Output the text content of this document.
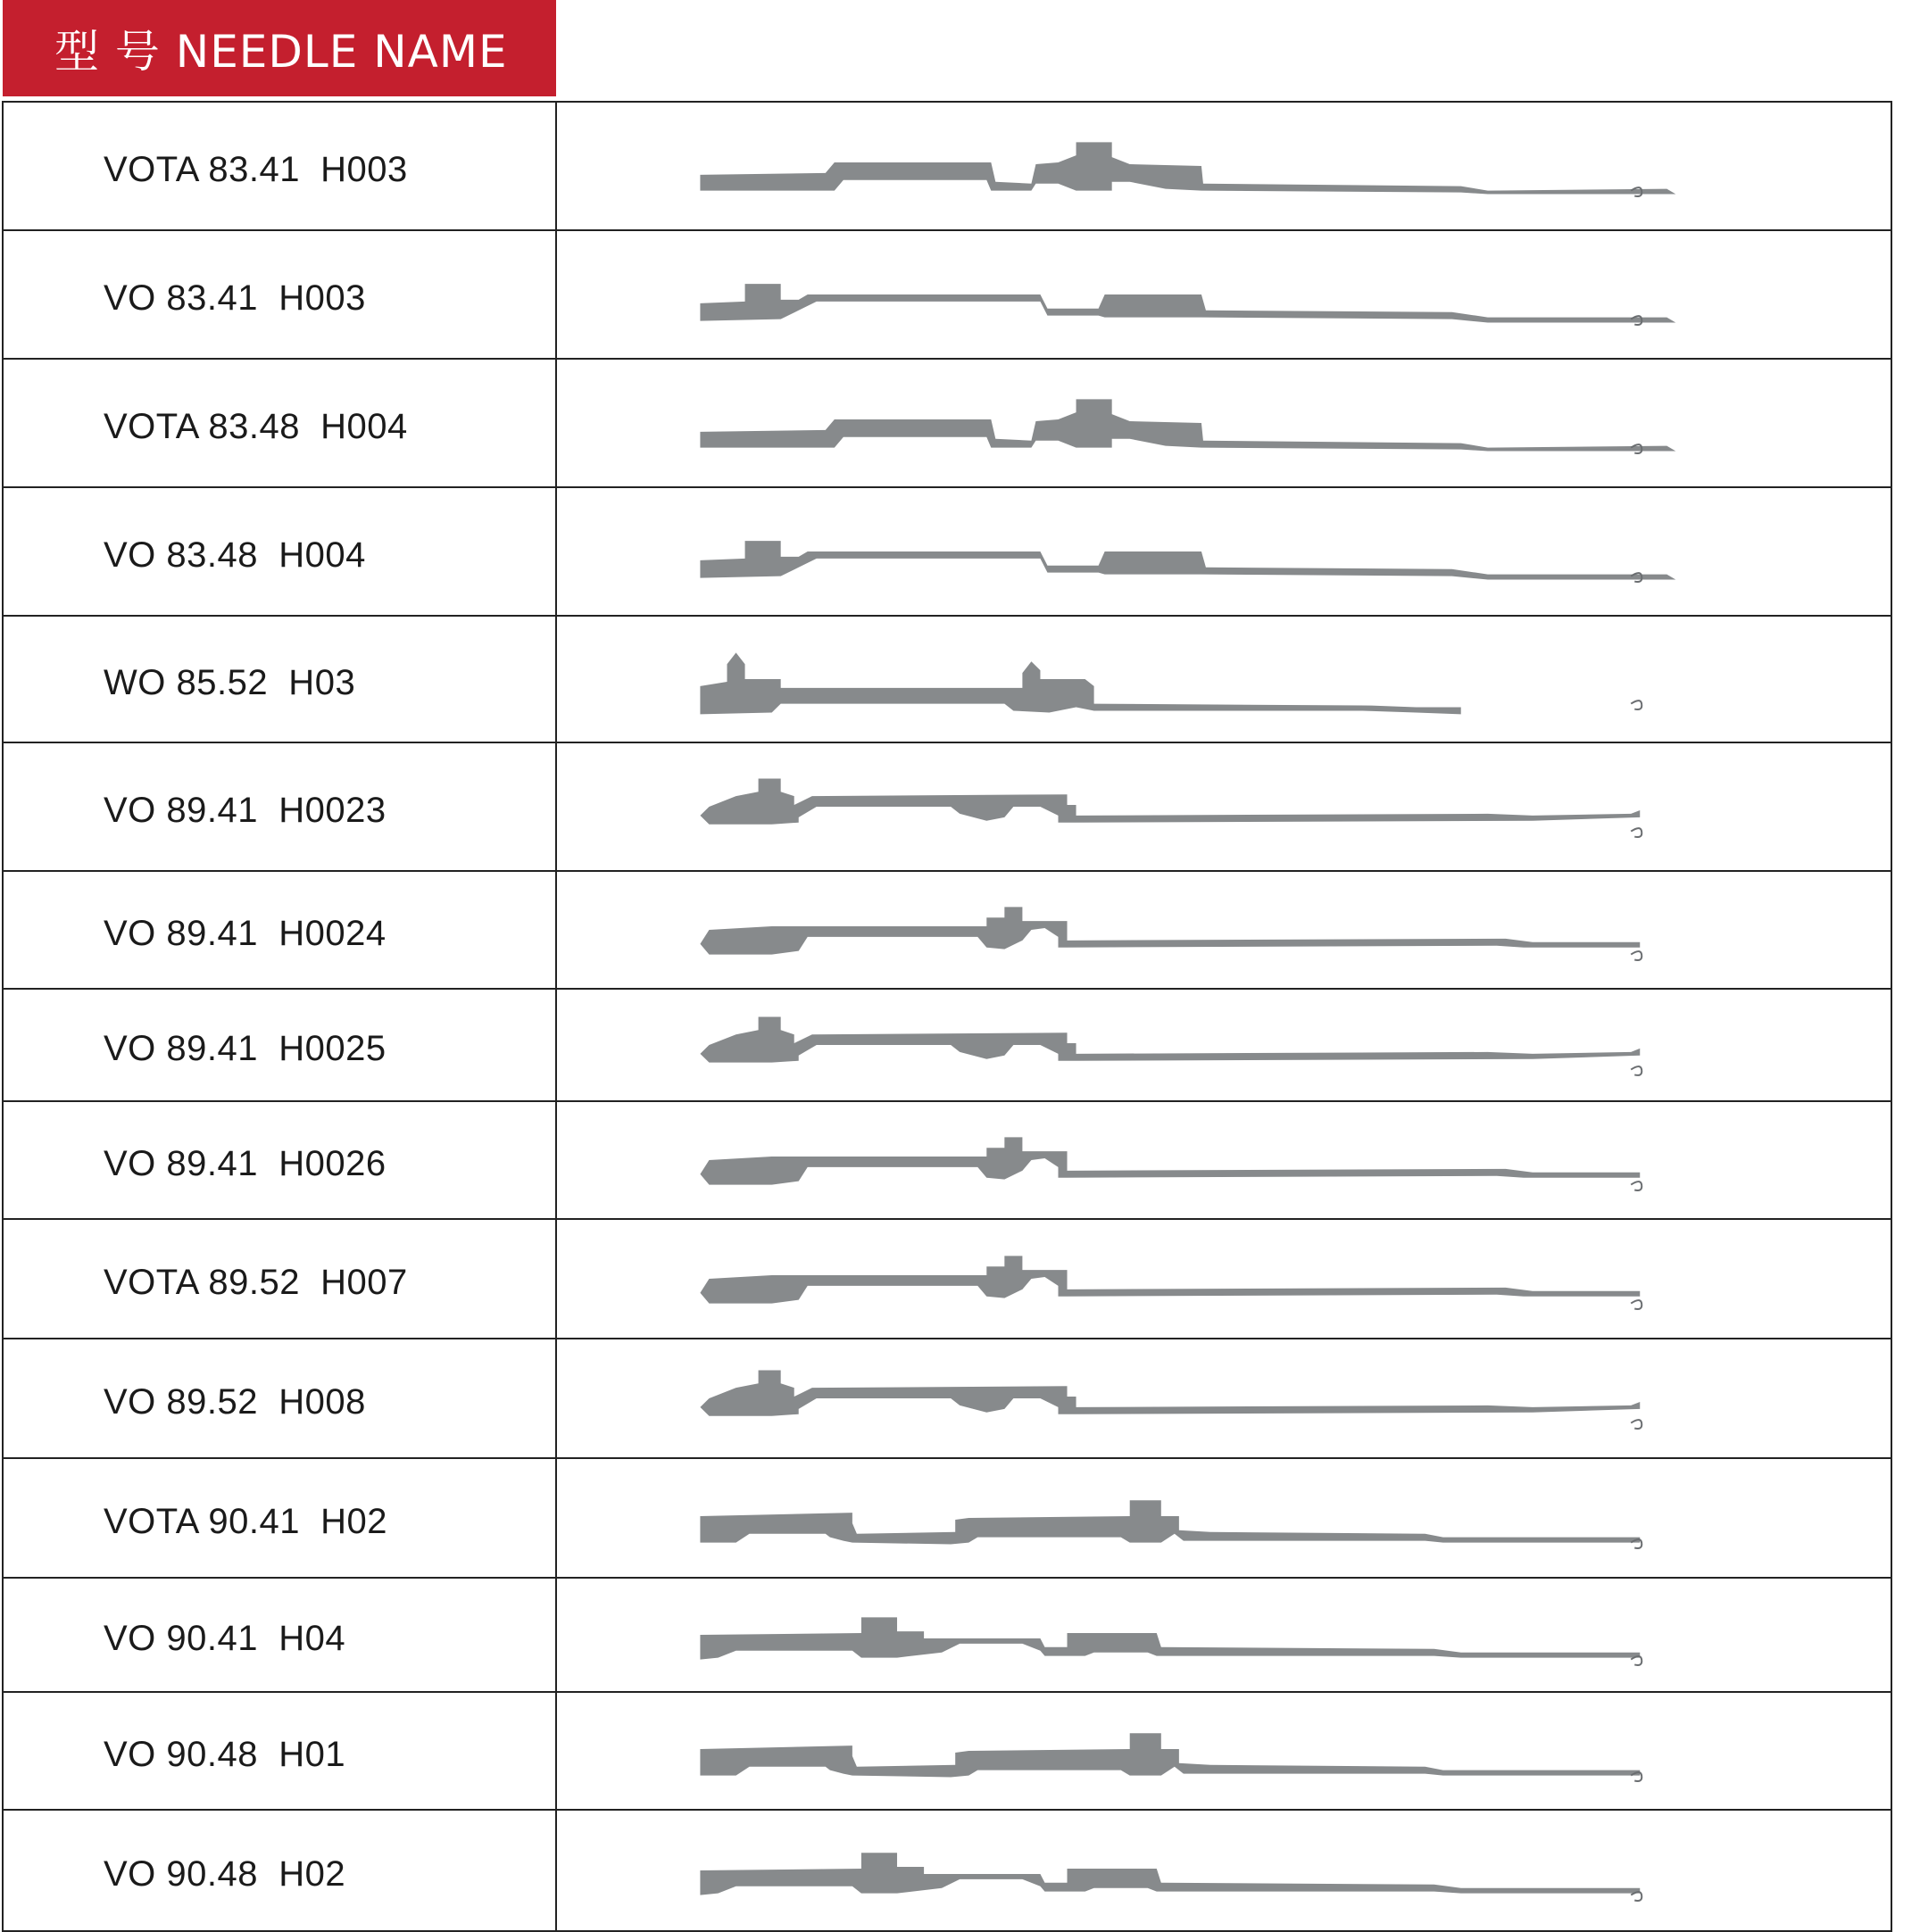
型 号 NEEDLE NAME
VOTA 83.41  H003
VO 83.41  H003
VOTA 83.48  H004
VO 83.48  H004
WO 85.52  H03
VO 89.41  H0023
VO 89.41  H0024
VO 89.41  H0025
VO 89.41  H0026
VOTA 89.52  H007
VO 89.52  H008
VOTA 90.41  H02
VO 90.41  H04
VO 90.48  H01
VO 90.48  H02
